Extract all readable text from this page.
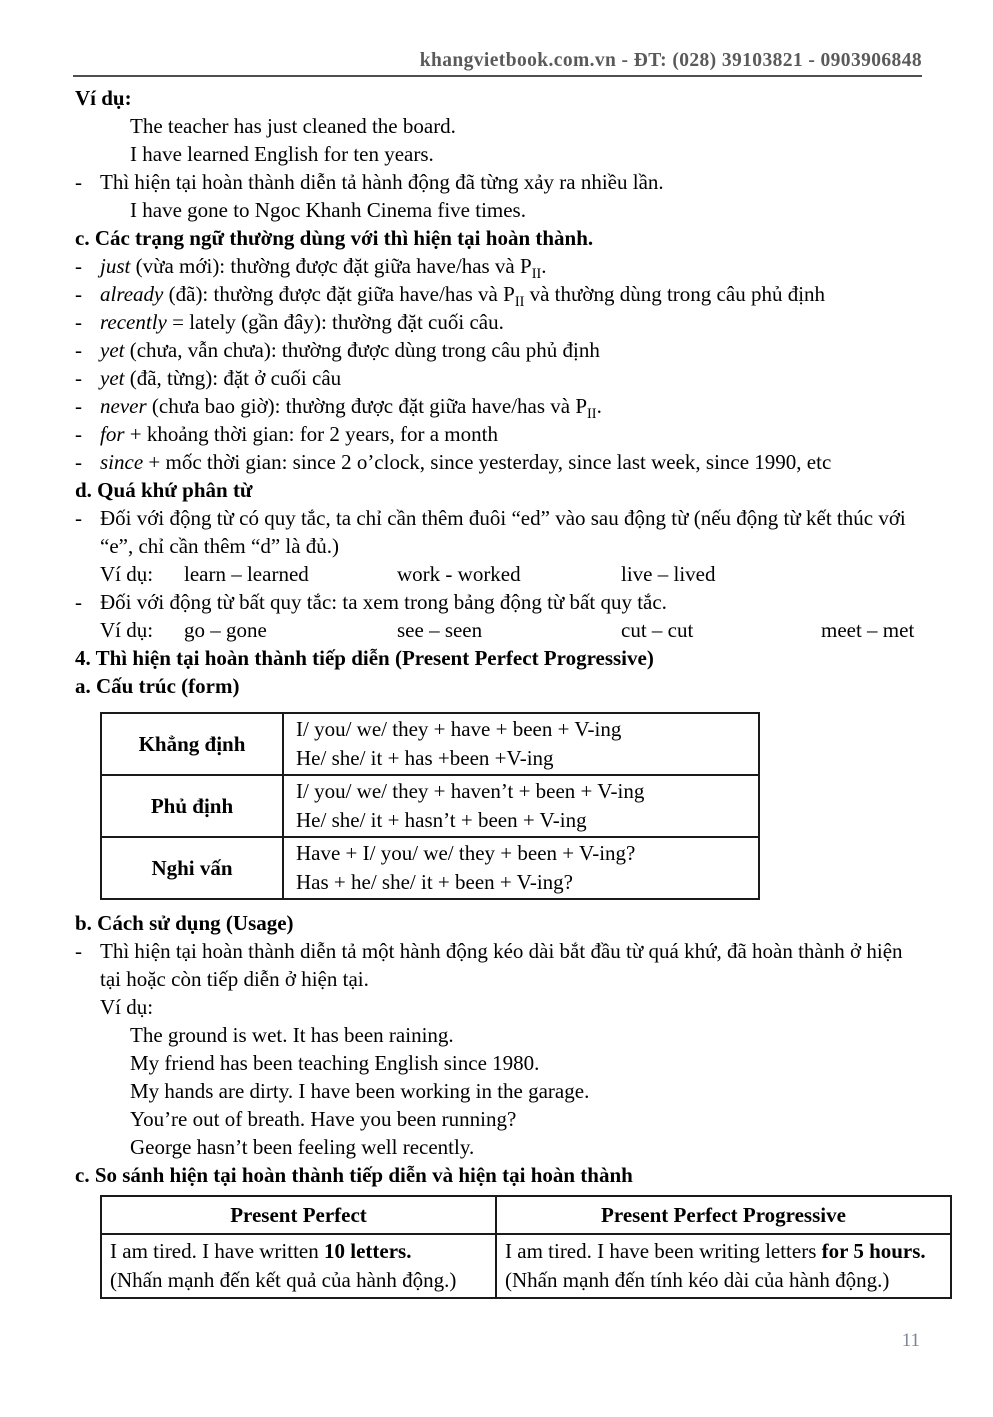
khangvietbook.com.vn - ĐT: (028) 39103821 - 0903906848
Ví dụ:
The teacher has just cleaned the board.
I have learned English for ten years.
- Thì hiện tại hoàn thành diễn tả hành động đã từng xảy ra nhiều lần.
I have gone to Ngoc Khanh Cinema five times.
c. Các trạng ngữ thường dùng với thì hiện tại hoàn thành.
- just (vừa mới): thường được đặt giữa have/has và $P_{II}$.
- already (đã): thường được đặt giữa have/has và $P_{II}$ và thường dùng trong câu phủ định
- recently = lately (gần đây): thường đặt cuối câu.
- yet (chưa, vẫn chưa): thường được dùng trong câu phủ định
- yet (đã, từng): đặt ở cuối câu
- never (chưa bao giờ): thường được đặt giữa have/has và $P_{II}$.
- for + khoảng thời gian: for 2 years, for a month
- since + mốc thời gian: since 2 o’clock, since yesterday, since last week, since 1990, etc
d. Quá khứ phân từ
- Đối với động từ có quy tắc, ta chỉ cần thêm đuôi “ed” vào sau động từ (nếu động từ kết thúc với “e”, chỉ cần thêm “d” là đủ.)
Ví dụ:	learn – learned	work - worked	live – lived
- Đối với động từ bất quy tắc: ta xem trong bảng động từ bất quy tắc.
Ví dụ:	go – gone	see – seen	cut – cut	meet – met
4. Thì hiện tại hoàn thành tiếp diễn (Present Perfect Progressive)
a. Cấu trúc (form)
Khẳng định	I/ you/ we/ they + have + been + V-ing
He/ she/ it + has +been +V-ing

Phủ định	I/ you/ we/ they + haven’t + been + V-ing
He/ she/ it + hasn’t + been + V-ing

Nghi vấn	Have + I/ you/ we/ they + been + V-ing?
Has + he/ she/ it + been + V-ing?
b. Cách sử dụng (Usage)
- Thì hiện tại hoàn thành diễn tả một hành động kéo dài bắt đầu từ quá khứ, đã hoàn thành ở hiện tại hoặc còn tiếp diễn ở hiện tại.
Ví dụ:
The ground is wet. It has been raining.
My friend has been teaching English since 1980.
My hands are dirty. I have been working in the garage.
You’re out of breath. Have you been running?
George hasn’t been feeling well recently.
c. So sánh hiện tại hoàn thành tiếp diễn và hiện tại hoàn thành
Present Perfect	Present Perfect Progressive

I am tired. I have written 10 letters.
(Nhấn mạnh đến kết quả của hành động.)

I am tired. I have been writing letters for 5 hours.
(Nhấn mạnh đến tính kéo dài của hành động.)
11
